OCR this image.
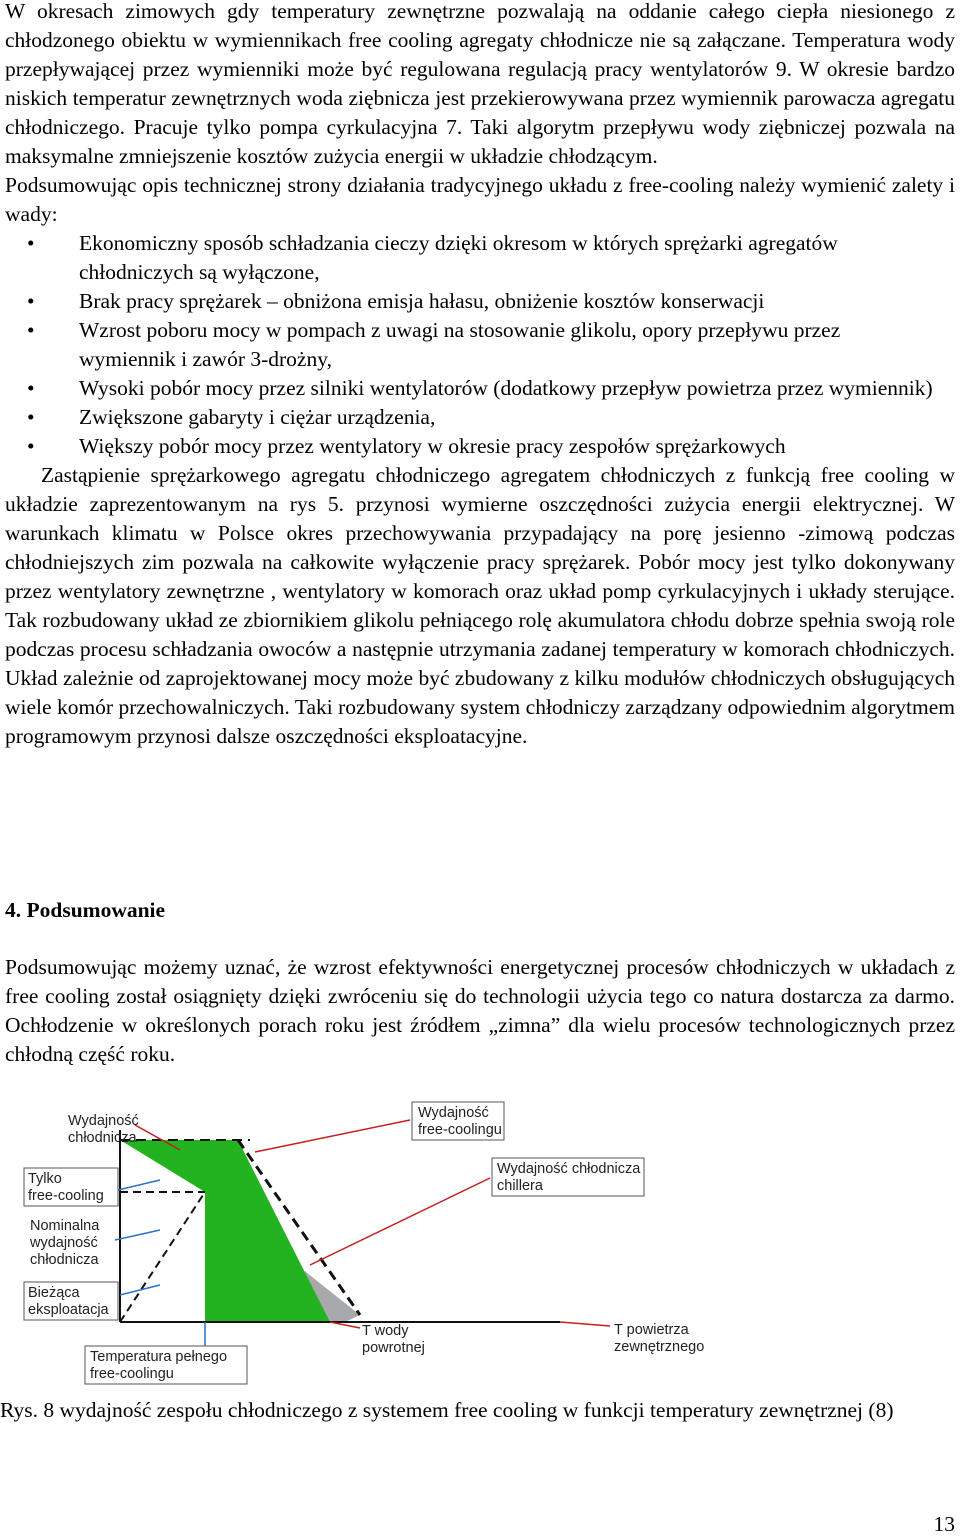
W okresach zimowych gdy temperatury zewnętrzne pozwalają na oddanie całego ciepła niesionego z chłodzonego obiektu w wymiennikach free cooling agregaty chłodnicze nie są załączane. Temperatura wody przepływającej przez wymienniki może być regulowana regulacją pracy wentylatorów 9. W okresie bardzo niskich temperatur zewnętrznych woda ziębnicza jest przekierowywana przez wymiennik parowacza agregatu chłodniczego. Pracuje tylko pompa cyrkulacyjna 7. Taki algorytm przepływu wody ziębniczej pozwala na maksymalne zmniejszenie kosztów zużycia energii w układzie chłodzącym.

Podsumowując opis technicznej strony działania tradycyjnego układu z free-cooling należy wymienić zalety i wady:

•	Ekonomiczny sposób schładzania cieczy dzięki okresom w których sprężarki agregatów chłodniczych są wyłączone,
•	Brak pracy sprężarek – obniżona emisja hałasu, obniżenie kosztów konserwacji
•	Wzrost poboru mocy w pompach z uwagi na stosowanie glikolu, opory przepływu przez wymiennik i zawór 3-drożny,
•	Wysoki pobór mocy przez silniki wentylatorów (dodatkowy przepływ powietrza przez wymiennik)
•	Zwiększone gabaryty i ciężar urządzenia,
•	Większy pobór mocy przez wentylatory w okresie pracy zespołów sprężarkowych

Zastąpienie sprężarkowego agregatu chłodniczego agregatem chłodniczych z funkcją free cooling w układzie zaprezentowanym na rys 5. przynosi wymierne oszczędności zużycia energii elektrycznej. W warunkach klimatu w Polsce okres przechowywania przypadający na porę jesienno -zimową podczas chłodniejszych zim pozwala na całkowite wyłączenie pracy sprężarek. Pobór mocy jest tylko dokonywany przez wentylatory zewnętrzne , wentylatory w komorach oraz układ pomp cyrkulacyjnych i układy sterujące. Tak rozbudowany układ ze zbiornikiem glikolu pełniącego rolę akumulatora chłodu dobrze spełnia swoją role podczas procesu schładzania owoców a następnie utrzymania zadanej temperatury w komorach chłodniczych. Układ zależnie od zaprojektowanej mocy może być zbudowany z kilku modułów chłodniczych obsługujących wiele komór przechowalniczych. Taki rozbudowany system chłodniczy zarządzany odpowiednim algorytmem programowym przynosi dalsze oszczędności eksploatacyjne.

4. Podsumowanie

Podsumowując możemy uznać, że wzrost efektywności energetycznej procesów chłodniczych w układach z free cooling został osiągnięty dzięki zwróceniu się do technologii użycia tego co natura dostarcza za darmo. Ochłodzenie w określonych porach roku jest źródłem „zimna” dla wielu procesów technologicznych przez chłodną część roku.

Wydajność
free-coolingu
Wydajność chłodnicza
chillera
Tylko
free-cooling
Bieżąca
eksploatacja
Temperatura pełnego
free-coolingu
Wydajność
chłodnicza
Nominalna
wydajność
chłodnicza
T wody
powrotnej
T powietrza
zewnętrznego

Rys. 8 wydajność zespołu chłodniczego z systemem free cooling w funkcji temperatury zewnętrznej (8)

13
